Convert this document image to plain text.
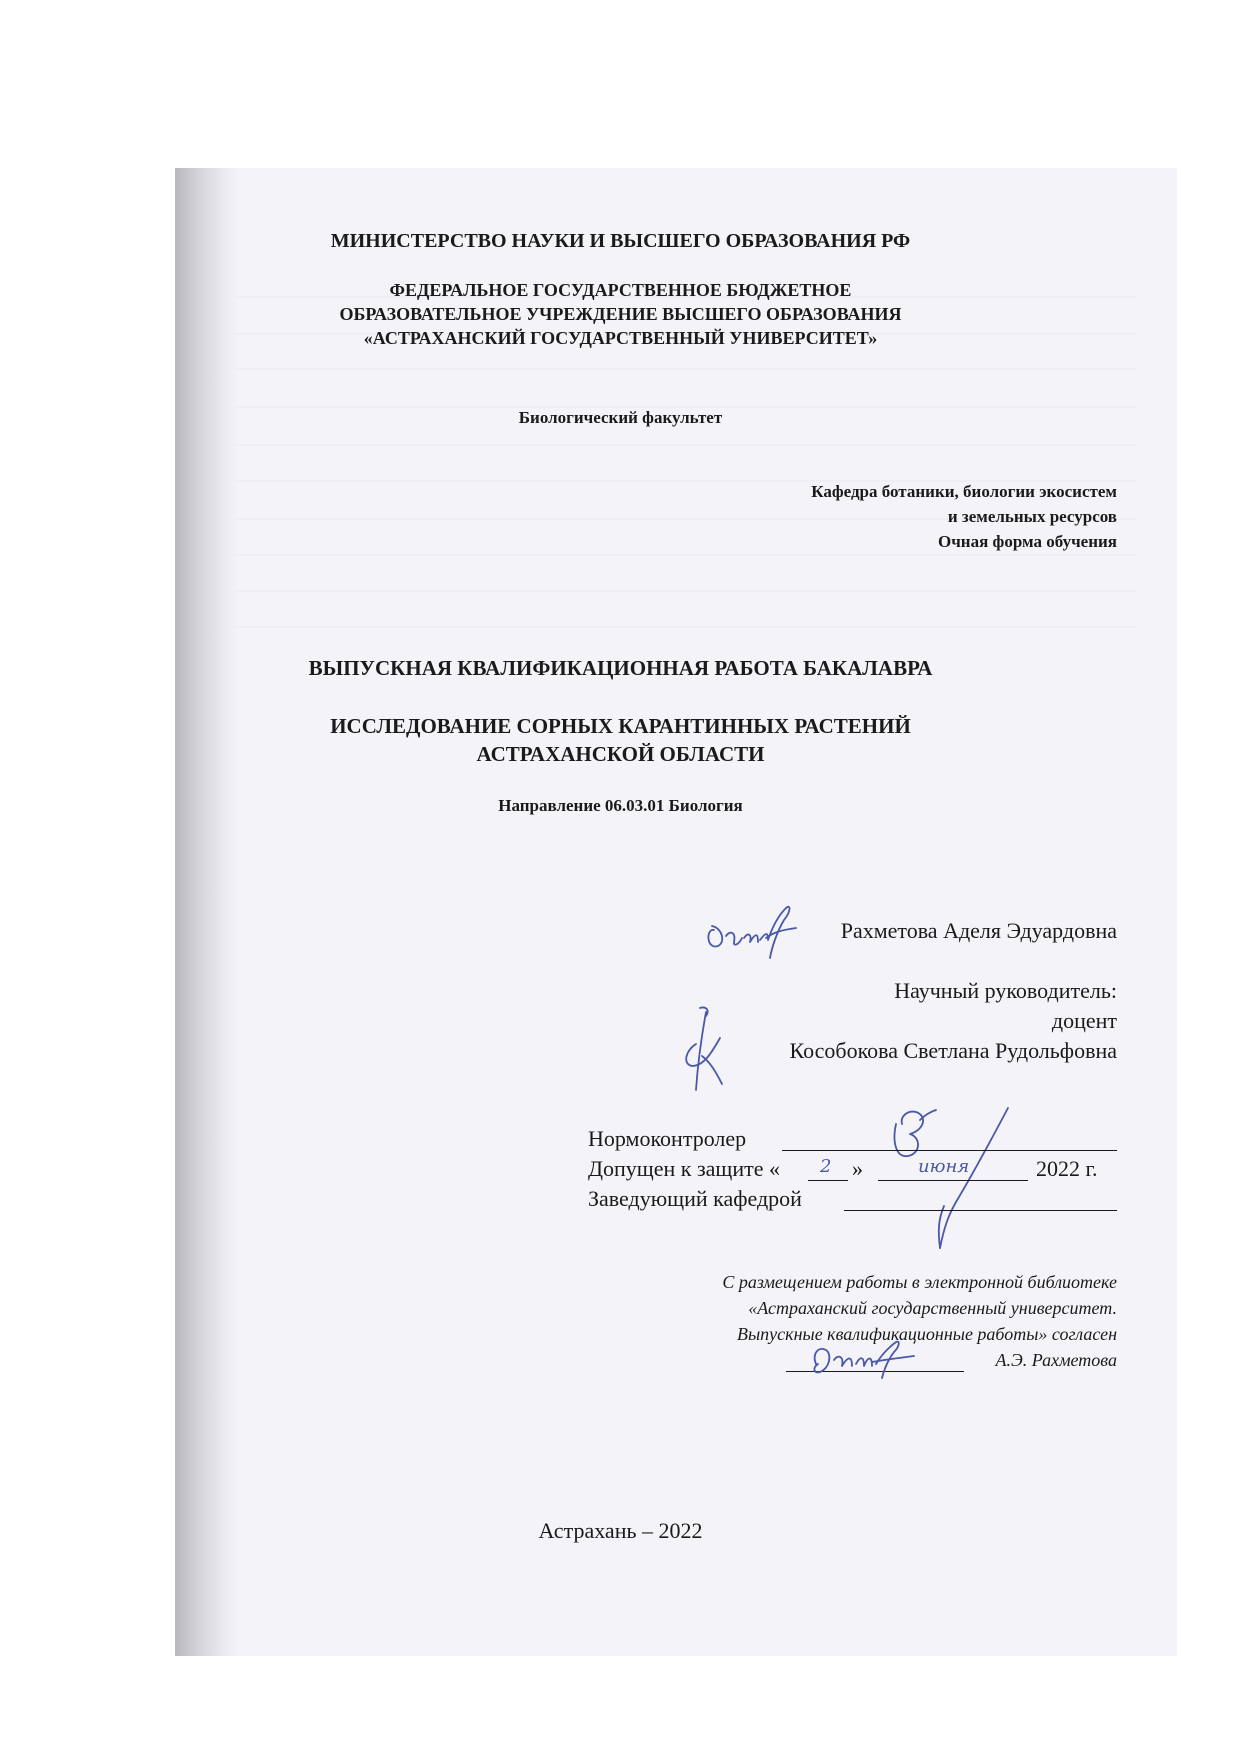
МИНИСТЕРСТВО НАУКИ И ВЫСШЕГО ОБРАЗОВАНИЯ РФ

ФЕДЕРАЛЬНОЕ ГОСУДАРСТВЕННОЕ БЮДЖЕТНОЕ

ОБРАЗОВАТЕЛЬНОЕ УЧРЕЖДЕНИЕ ВЫСШЕГО ОБРАЗОВАНИЯ

«АСТРАХАНСКИЙ ГОСУДАРСТВЕННЫЙ УНИВЕРСИТЕТ»

Биологический факультет

Кафедра ботаники, биологии экосистем

и земельных ресурсов

Очная форма обучения

ВЫПУСКНАЯ КВАЛИФИКАЦИОННАЯ РАБОТА БАКАЛАВРА

ИССЛЕДОВАНИЕ СОРНЫХ КАРАНТИННЫХ РАСТЕНИЙ

АСТРАХАНСКОЙ ОБЛАСТИ

Направление 06.03.01 Биология

Рахметова Аделя Эдуардовна

Научный руководитель:

доцент

Кособокова Светлана Рудольфовна

Нормоконтролер

Допущен к защите « 2 »	июня	2022 г.

Заведующий кафедрой

С размещением работы в электронной библиотеке

«Астраханский государственный университет.

Выпускные квалификационные работы» согласен

А.Э. Рахметова

Астрахань – 2022
